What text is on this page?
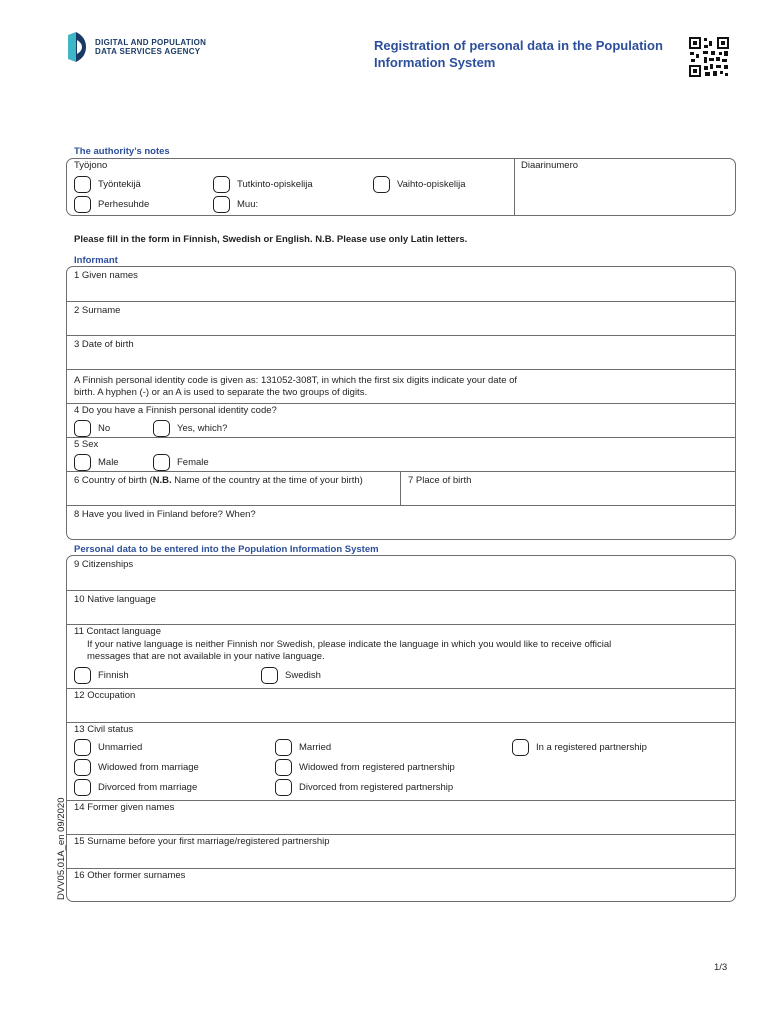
DIGITAL AND POPULATION
DATA SERVICES AGENCY	Registration of personal data in the Population Information System
The authority’s notes
Työjono	Diaarinumero
Työntekijä	Tutkinto-opiskelija	Vaihto-opiskelija
Perhesuhde	Muu:
Please fill in the form in Finnish, Swedish or English. N.B. Please use only Latin letters.
Informant
1 Given names
2 Surname
3 Date of birth
A Finnish personal identity code is given as: 131052-308T, in which the first six digits indicate your date of
birth. A hyphen (-) or an A is used to separate the two groups of digits.
4 Do you have a Finnish personal identity code?
No	Yes, which?
5 Sex
Male	Female
6 Country of birth (N.B. Name of the country at the time of your birth)	7 Place of birth
8 Have you lived in Finland before? When?
Personal data to be entered into the Population Information System
9 Citizenships
10 Native language
11 Contact language
If your native language is neither Finnish nor Swedish, please indicate the language in which you would like to receive official
messages that are not available in your native language.
Finnish	Swedish
12 Occupation
13 Civil status
Unmarried	Married	In a registered partnership
Widowed from marriage	Widowed from registered partnership
Divorced from marriage	Divorced from registered partnership
14 Former given names
15 Surname before your first marriage/registered partnership
16 Other former surnames
DVV05.01A_en 09/2020
1/3
